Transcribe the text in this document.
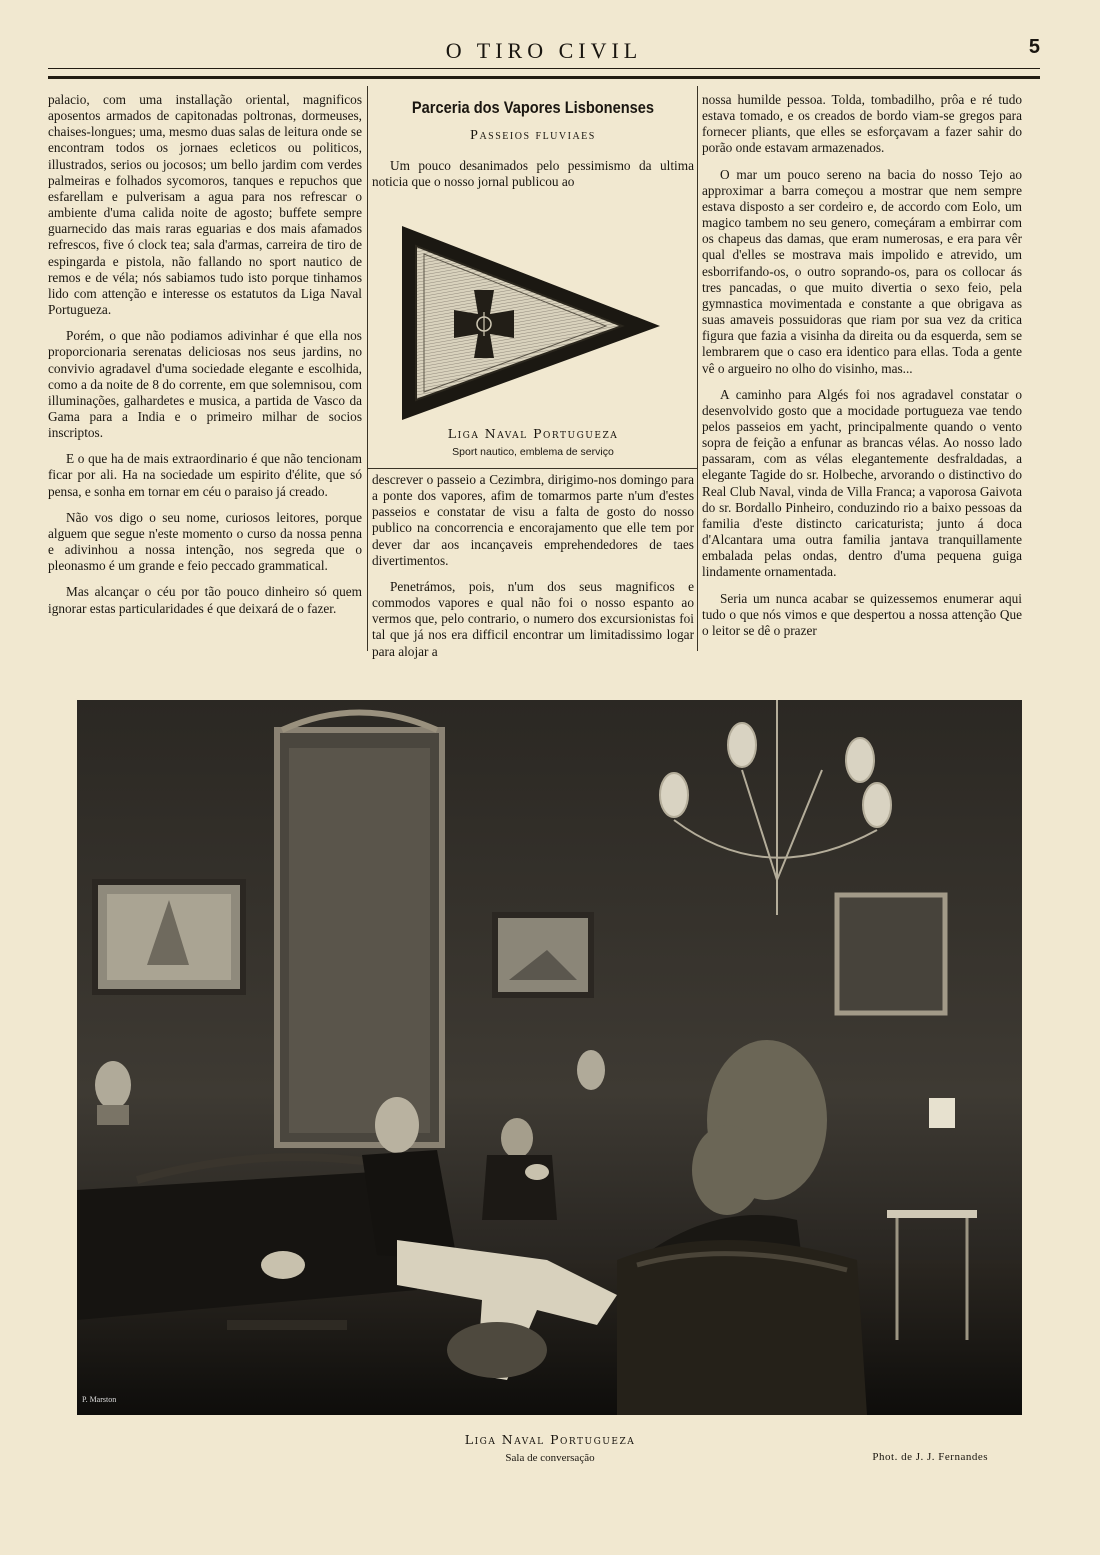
O TIRO CIVIL	5

palacio, com uma installação oriental, magnificos aposentos armados de capitonadas poltronas, dormeuses, chaises-longues; uma, mesmo duas salas de leitura onde se encontram todos os jornaes ecleticos ou politicos, illustrados, serios ou jocosos; um bello jardim com verdes palmeiras e folhados sycomoros, tanques e repuchos que esfarellam e pulverisam a agua para nos refrescar o ambiente d'uma calida noite de agosto; buffete sempre guarnecido das mais raras eguarias e dos mais afamados refrescos, five ó clock tea; sala d'armas, carreira de tiro de espingarda e pistola, não fallando no sport nautico de remos e de véla; nós sabiamos tudo isto porque tinhamos lido com attenção e interesse os estatutos da Liga Naval Portugueza.

Porém, o que não podiamos adivinhar é que ella nos proporcionaria serenatas deliciosas nos seus jardins, no convivio agradavel d'uma sociedade elegante e escolhida, como a da noite de 8 do corrente, em que solemnisou, com illuminações, galhardetes e musica, a partida de Vasco da Gama para a India e o primeiro milhar de socios inscriptos.

E o que ha de mais extraordinario é que não tencionam ficar por ali. Ha na sociedade um espirito d'élite, que só pensa, e sonha em tornar em céu o paraiso já creado.

Não vos digo o seu nome, curiosos leitores, porque alguem que segue n'este momento o curso da nossa penna e adivinhou a nossa intenção, nos segreda que o pleonasmo é um grande e feio peccado grammatical.

Mas alcançar o céu por tão pouco dinheiro só quem ignorar estas particularidades é que deixará de o fazer.

Parceria dos Vapores Lisbonenses
Passeios fluviaes

Um pouco desanimados pelo pessimismo da ultima noticia que o nosso jornal publicou ao

Liga Naval Portugueza
Sport nautico, emblema de serviço

descrever o passeio a Cezimbra, dirigimo-nos domingo para a ponte dos vapores, afim de tomarmos parte n'um d'estes passeios e constatar de visu a falta de gosto do nosso publico na concorrencia e encorajamento que elle tem por dever dar aos incançaveis emprehendedores de taes divertimentos.

Penetrámos, pois, n'um dos seus magnificos e commodos vapores e qual não foi o nosso espanto ao vermos que, pelo contrario, o numero dos excursionistas foi tal que já nos era difficil encontrar um limitadissimo logar para alojar a

nossa humilde pessoa. Tolda, tombadilho, prôa e ré tudo estava tomado, e os creados de bordo viam-se gregos para fornecer pliants, que elles se esforçavam a fazer sahir do porão onde estavam armazenados.

O mar um pouco sereno na bacia do nosso Tejo ao approximar a barra começou a mostrar que nem sempre estava disposto a ser cordeiro e, de accordo com Eolo, um magico tambem no seu genero, começáram a embirrar com os chapeus das damas, que eram numerosas, e era para vêr qual d'elles se mostrava mais impolido e atrevido, um esborrifando-os, o outro soprando-os, para os collocar ás tres pancadas, o que muito divertia o sexo feio, pela gymnastica movimentada e constante a que obrigava as suas amaveis possuidoras que riam por sua vez da critica figura que fazia a visinha da direita ou da esquerda, sem se lembrarem que o caso era identico para ellas. Toda a gente vê o argueiro no olho do visinho, mas...

A caminho para Algés foi nos agradavel constatar o desenvolvido gosto que a mocidade portugueza vae tendo pelos passeios em yacht, principalmente quando o vento sopra de feição a enfunar as brancas vélas. Ao nosso lado passaram, com as vélas elegantemente desfraldadas, a elegante Tagide do sr. Holbeche, arvorando o distinctivo do Real Club Naval, vinda de Villa Franca; a vaporosa Gaivota do sr. Bordallo Pinheiro, conduzindo rio a baixo pessoas da familia d'este distincto caricaturista; junto á doca d'Alcantara uma outra familia jantava tranquillamente embalada pelas ondas, dentro d'uma pequena guiga lindamente ornamentada.

Seria um nunca acabar se quizessemos enumerar aqui tudo o que nós vimos e que despertou a nossa attenção Que o leitor se dê o prazer

P. Marston
Liga Naval Portugueza
Sala de conversação	Phot. de J. J. Fernandes
